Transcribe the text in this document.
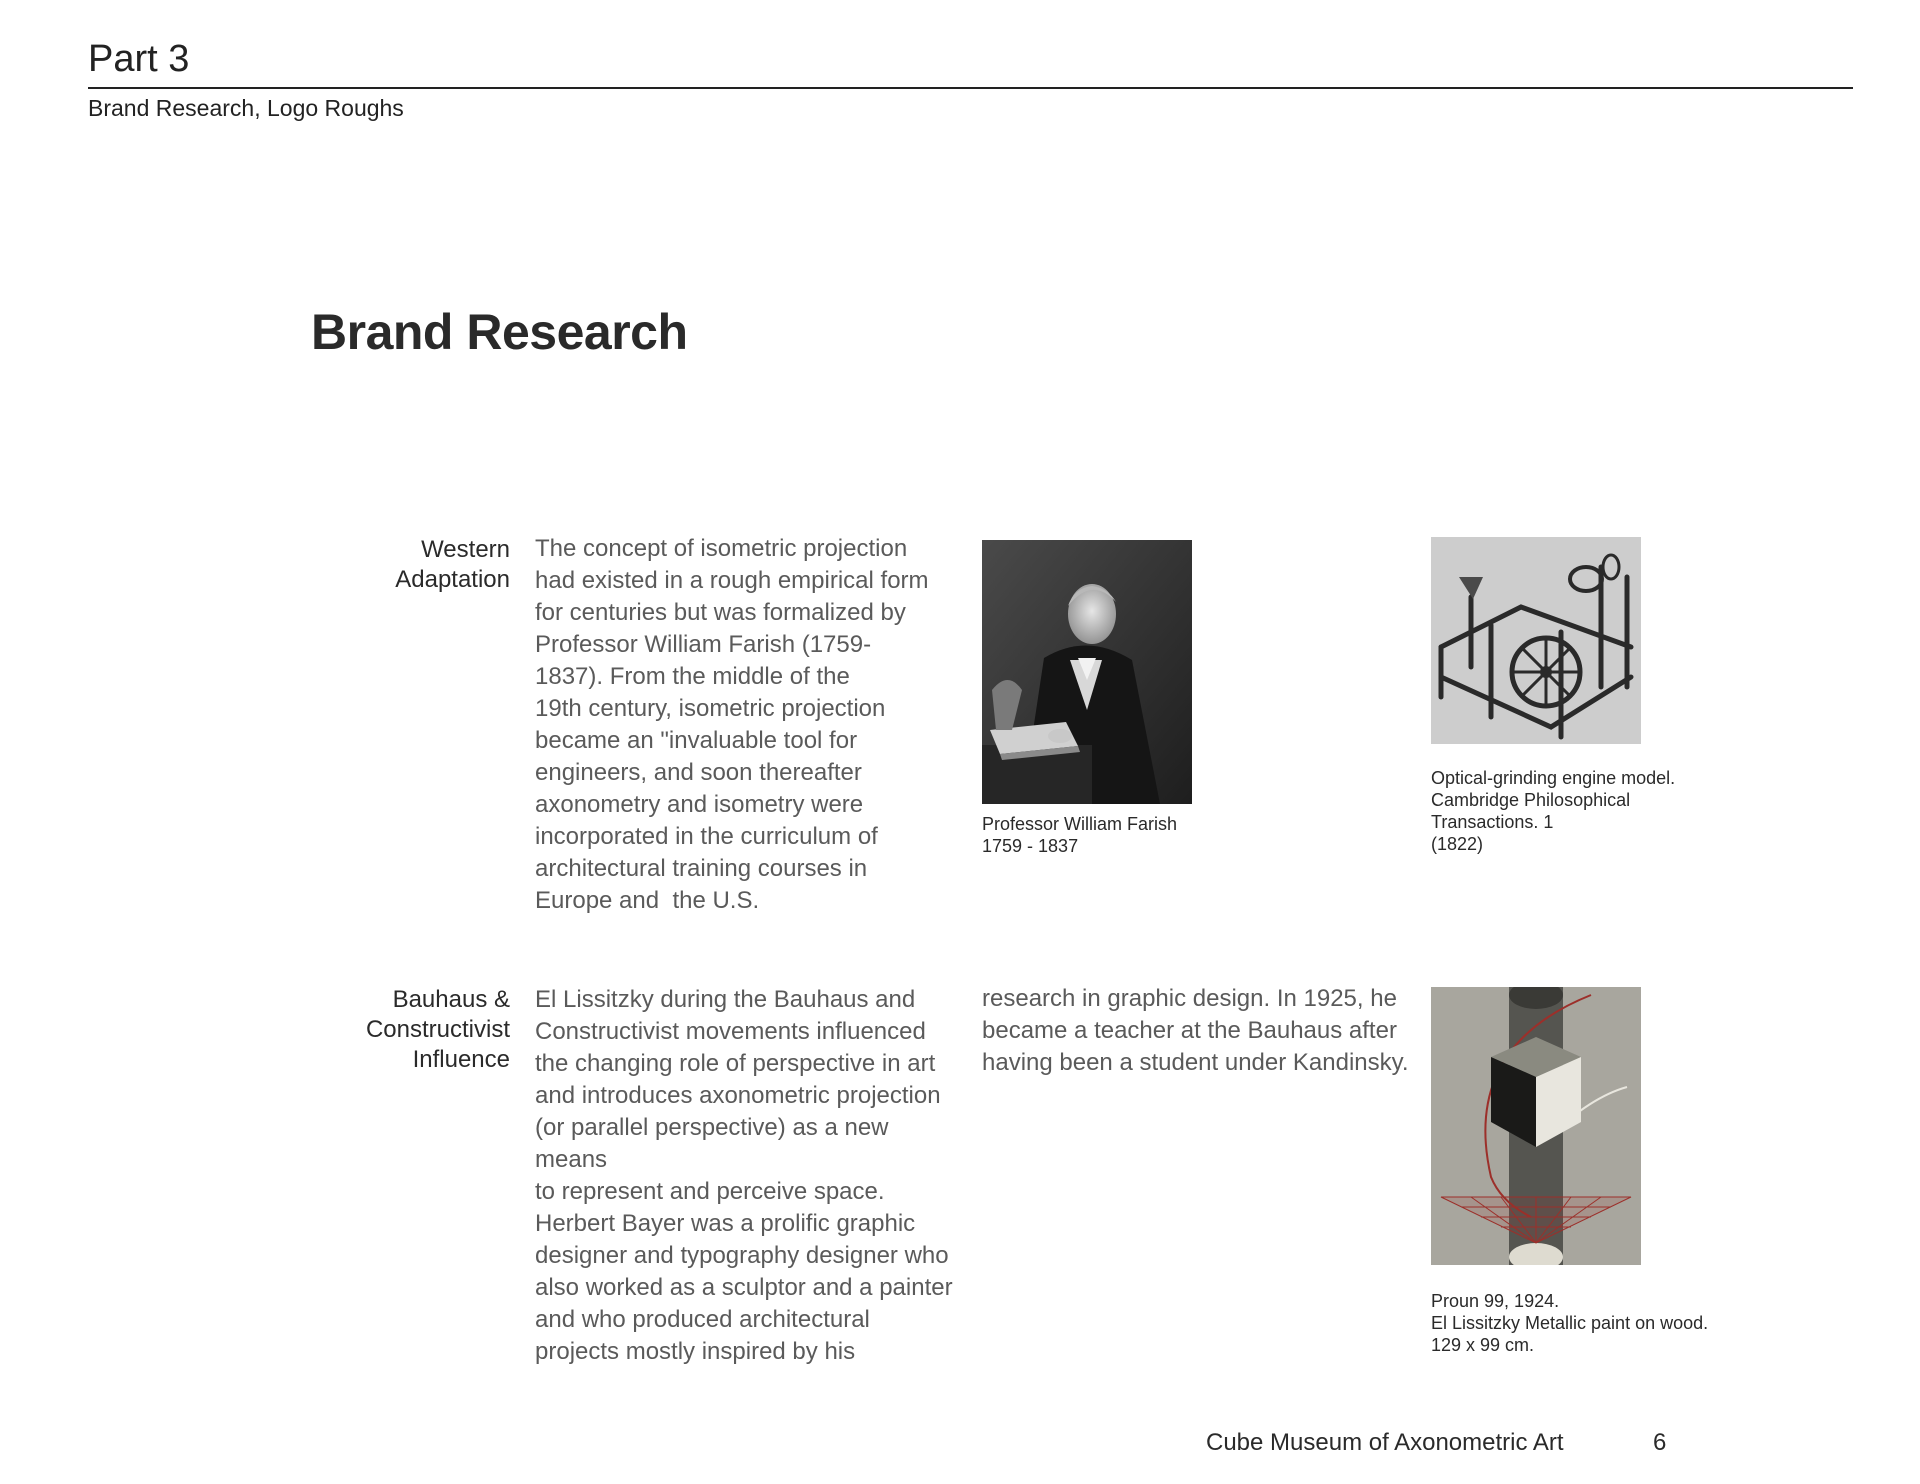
Part 3
Brand Research, Logo Roughs
Brand Research
Western
Adaptation
The concept of isometric projection
had existed in a rough empirical form
for centuries but was formalized by
Professor William Farish (1759-
1837). From the middle of the
19th century, isometric projection
became an "invaluable tool for
engineers, and soon thereafter
axonometry and isometry were
incorporated in the curriculum of
architectural training courses in
Europe and  the U.S.
Professor William Farish
1759 - 1837
Optical-grinding engine model.
Cambridge Philosophical
Transactions. 1
(1822)
Bauhaus &
Constructivist
Influence
El Lissitzky during the Bauhaus and
Constructivist movements influenced
the changing role of perspective in art
and introduces axonometric projection
(or parallel perspective) as a new means
to represent and perceive space.
Herbert Bayer was a prolific graphic
designer and typography designer who
also worked as a sculptor and a painter
and who produced architectural
projects mostly inspired by his
research in graphic design. In 1925, he
became a teacher at the Bauhaus after
having been a student under Kandinsky.
Proun 99, 1924.
El Lissitzky Metallic paint on wood.
129 x 99 cm.
Cube Museum of Axonometric Art	6
